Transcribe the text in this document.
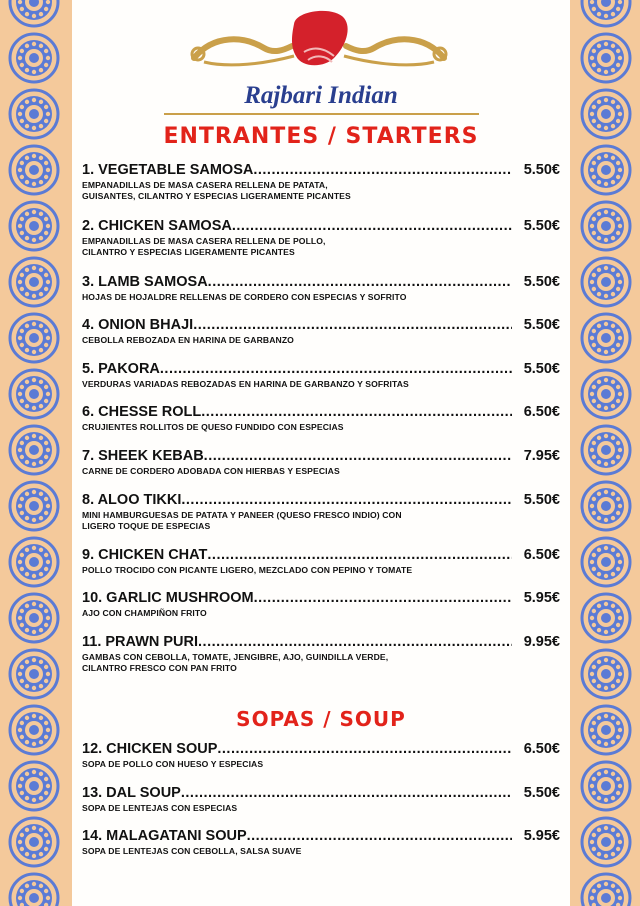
Rajbari Indian
ENTRANTES / STARTERS
1. VEGETABLE SAMOSA .....	5.50€
EMPANADILLAS DE MASA CASERA RELLENA DE PATATA,
GUISANTES, CILANTRO Y ESPECIAS LIGERAMENTE PICANTES
2. CHICKEN SAMOSA .....	5.50€
EMPANADILLAS DE MASA CASERA RELLENA DE POLLO,
CILANTRO Y ESPECIAS LIGERAMENTE PICANTES
3. LAMB SAMOSA .....	5.50€
HOJAS DE HOJALDRE RELLENAS DE CORDERO CON ESPECIAS Y SOFRITO
4. ONION BHAJI .....	5.50€
CEBOLLA REBOZADA EN HARINA DE GARBANZO
5. PAKORA .....	5.50€
VERDURAS VARIADAS REBOZADAS EN HARINA DE GARBANZO Y SOFRITAS
6. CHESSE ROLL .....	6.50€
CRUJIENTES ROLLITOS DE QUESO FUNDIDO CON ESPECIAS
7. SHEEK KEBAB .....	7.95€
CARNE DE CORDERO ADOBADA CON HIERBAS Y ESPECIAS
8. ALOO TIKKI .....	5.50€
MINI HAMBURGUESAS DE PATATA Y PANEER (QUESO FRESCO INDIO) CON
LIGERO TOQUE DE ESPECIAS
9. CHICKEN CHAT .....	6.50€
POLLO TROCIDO CON PICANTE LIGERO, MEZCLADO CON PEPINO Y TOMATE
10. GARLIC MUSHROOM .....	5.95€
AJO CON CHAMPIÑON FRITO
11. PRAWN PURI .....	9.95€
GAMBAS CON CEBOLLA, TOMATE, JENGIBRE, AJO, GUINDILLA VERDE,
CILANTRO FRESCO CON PAN FRITO
SOPAS / SOUP
12. CHICKEN SOUP .....	6.50€
SOPA DE POLLO CON HUESO Y ESPECIAS
13. DAL SOUP .....	5.50€
SOPA DE LENTEJAS CON ESPECIAS
14. MALAGATANI SOUP .....	5.95€
SOPA DE LENTEJAS CON CEBOLLA, SALSA SUAVE
